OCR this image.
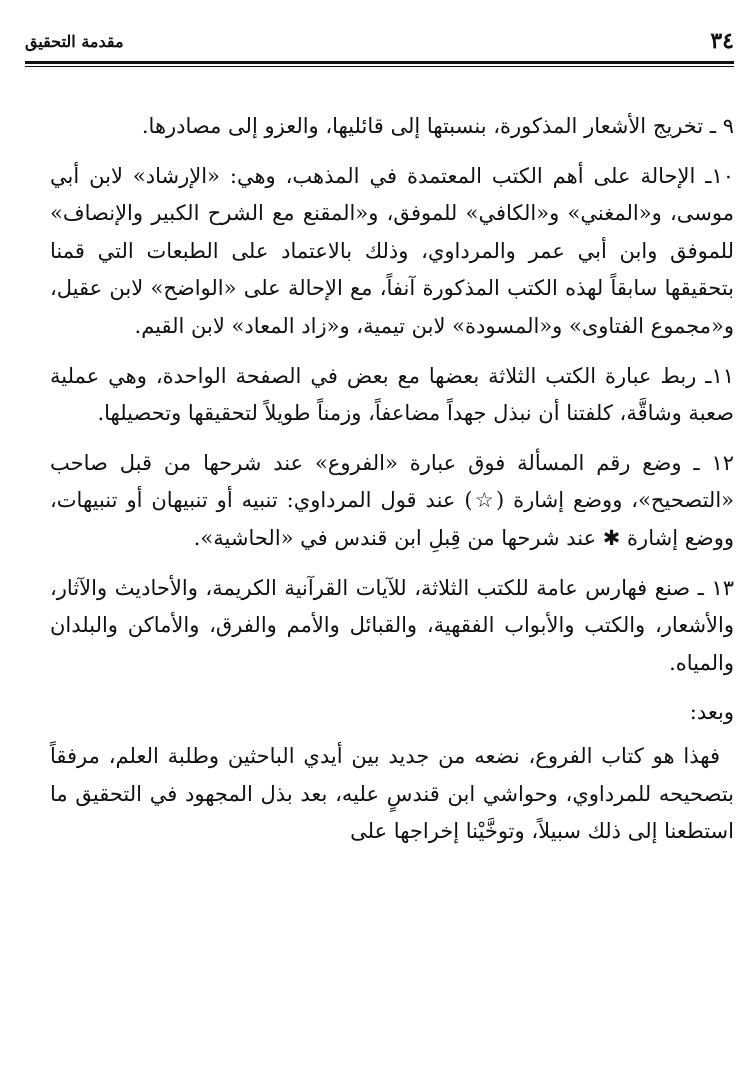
٣٤
مقدمة التحقيق

٩ ـ تخريج الأشعار المذكورة، بنسبتها إلى قائليها، والعزو إلى مصادرها.

١٠ـ الإحالة على أهم الكتب المعتمدة في المذهب، وهي: «الإرشاد» لابن أبي موسى، و«المغني» و«الكافي» للموفق، و«المقنع مع الشرح الكبير والإنصاف» للموفق وابن أبي عمر والمرداوي، وذلك بالاعتماد على الطبعات التي قمنا بتحقيقها سابقاً لهذه الكتب المذكورة آنفاً، مع الإحالة على «الواضح» لابن عقيل، و«مجموع الفتاوى» و«المسودة» لابن تيمية، و«زاد المعاد» لابن القيم.

١١ـ ربط عبارة الكتب الثلاثة بعضها مع بعض في الصفحة الواحدة، وهي عملية صعبة وشاقَّة، كلفتنا أن نبذل جهداً مضاعفاً، وزمناً طويلاً لتحقيقها وتحصيلها.

١٢ ـ وضع رقم المسألة فوق عبارة «الفروع» عند شرحها من قبل صاحب «التصحيح»، ووضع إشارة (☆) عند قول المرداوي: تنبيه أو تنبيهان أو تنبيهات، ووضع إشارة ✱ عند شرحها من قِبلِ ابن قندس في «الحاشية».

١٣ ـ صنع فهارس عامة للكتب الثلاثة، للآيات القرآنية الكريمة، والأحاديث والآثار، والأشعار، والكتب والأبواب الفقهية، والقبائل والأمم والفرق، والأماكن والبلدان والمياه.

وبعد:

فهذا هو كتاب الفروع، نضعه من جديد بين أيدي الباحثين وطلبة العلم، مرفقاً بتصحيحه للمرداوي، وحواشي ابن قندسٍ عليه، بعد بذل المجهود في التحقيق ما استطعنا إلى ذلك سبيلاً، وتوخَّيْنا إخراجها على
